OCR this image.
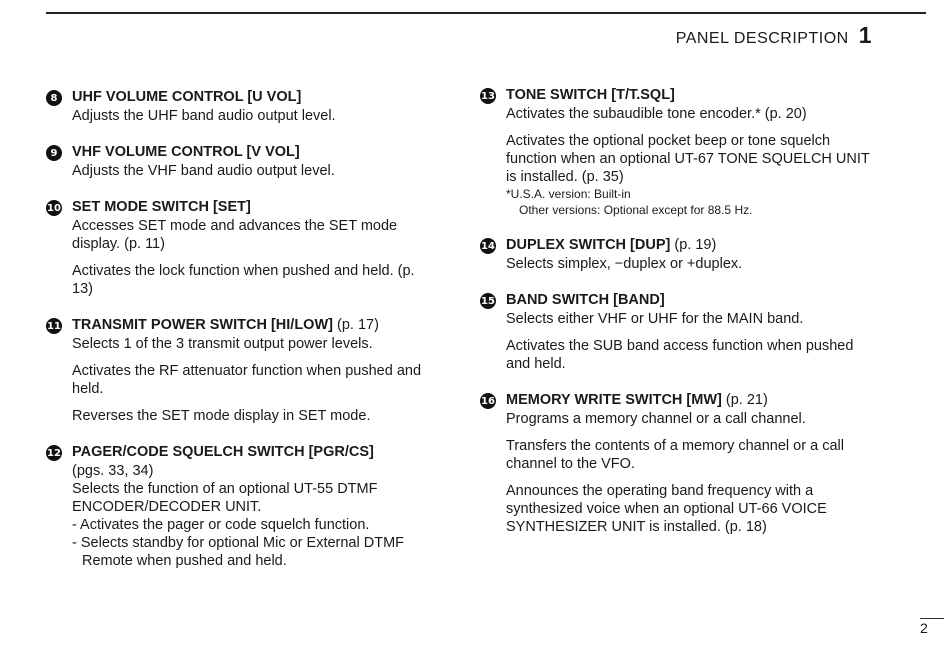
PANEL DESCRIPTION 1
8	UHF VOLUME CONTROL [U VOL]
Adjusts the UHF band audio output level.
9	VHF VOLUME CONTROL [V VOL]
Adjusts the VHF band audio output level.
10 SET MODE SWITCH [SET]
Accesses SET mode and advances the SET mode display. (p. 11)
Activates the lock function when pushed and held. (p. 13)
11 TRANSMIT POWER SWITCH [HI/LOW] (p. 17)
Selects 1 of the 3 transmit output power levels.
Activates the RF attenuator function when pushed and held.
Reverses the SET mode display in SET mode.
12 PAGER/CODE SQUELCH SWITCH [PGR/CS]
(pgs. 33, 34)
Selects the function of an optional UT-55 DTMF ENCODER/DECODER UNIT.
- Activates the pager or code squelch function.
- Selects standby for optional Mic or External DTMF
Remote when pushed and held.
13 TONE SWITCH [T/T.SQL]
Activates the subaudible tone encoder.* (p. 20)
Activates the optional pocket beep or tone squelch function when an optional UT-67 TONE SQUELCH UNIT is installed. (p. 35)
*U.S.A. version: Built-in
Other versions: Optional except for 88.5 Hz.
14 DUPLEX SWITCH [DUP] (p. 19)
Selects simplex, −duplex or +duplex.
15 BAND SWITCH [BAND]
Selects either VHF or UHF for the MAIN band.
Activates the SUB band access function when pushed and held.
16 MEMORY WRITE SWITCH [MW] (p. 21)
Programs a memory channel or a call channel.
Transfers the contents of a memory channel or a call channel to the VFO.
Announces the operating band frequency with a synthesized voice when an optional UT-66 VOICE SYNTHESIZER UNIT is installed. (p. 18)
2
